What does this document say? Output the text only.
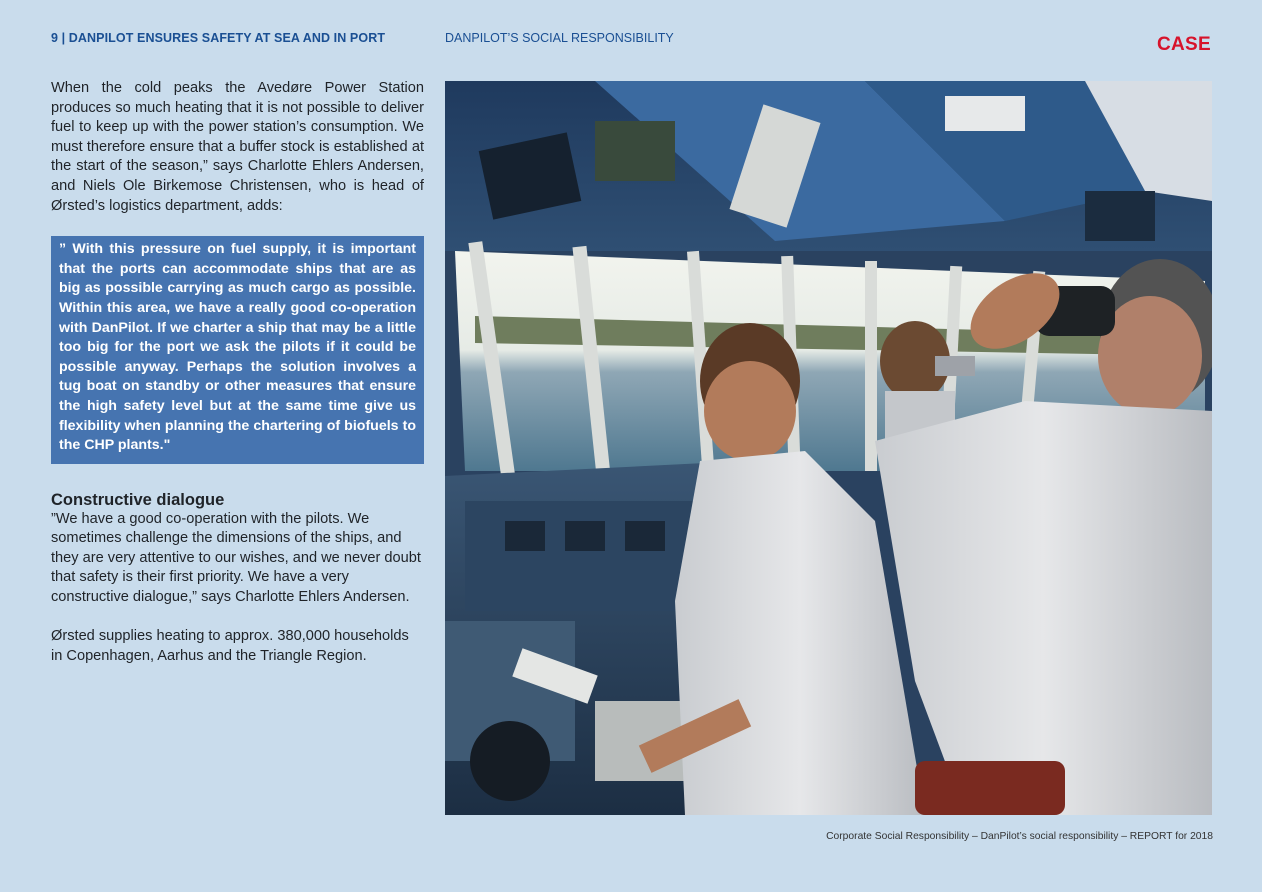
9 | DANPILOT ENSURES SAFETY AT SEA AND IN PORT	DANPILOT’S SOCIAL RESPONSIBILITY	CASE

When the cold peaks the Avedøre Power Station produces so much heating that it is not possible to deliver fuel to keep up with the power station’s consumption. We must therefore ensure that a buffer stock is established at the start of the season,” says Charlotte Ehlers Andersen, and Niels Ole Birkemose Christensen, who is head of Ørsted’s logistics department, adds:

” With this pressure on fuel supply, it is important that the ports can accommodate ships that are as big as possible carrying as much cargo as possible. Within this area, we have a really good co-operation with DanPilot. If we charter a ship that may be a little too big for the port we ask the pilots if it could be possible anyway. Perhaps the solution involves a tug boat on standby or other measures that ensure the high safety level but at the same time give us flexibility when planning the chartering of biofuels to the CHP plants."
Constructive dialogue

”We have a good co-operation with the pilots. We sometimes challenge the dimensions of the ships, and they are very attentive to our wishes, and we never doubt that safety is their first priority. We have a very constructive dialogue,” says Charlotte Ehlers Andersen.

Ørsted supplies heating to approx. 380,000 households in Copenhagen, Aarhus and the Triangle Region.

Corporate Social Responsibility – DanPilot’s social responsibility – REPORT for 2018
